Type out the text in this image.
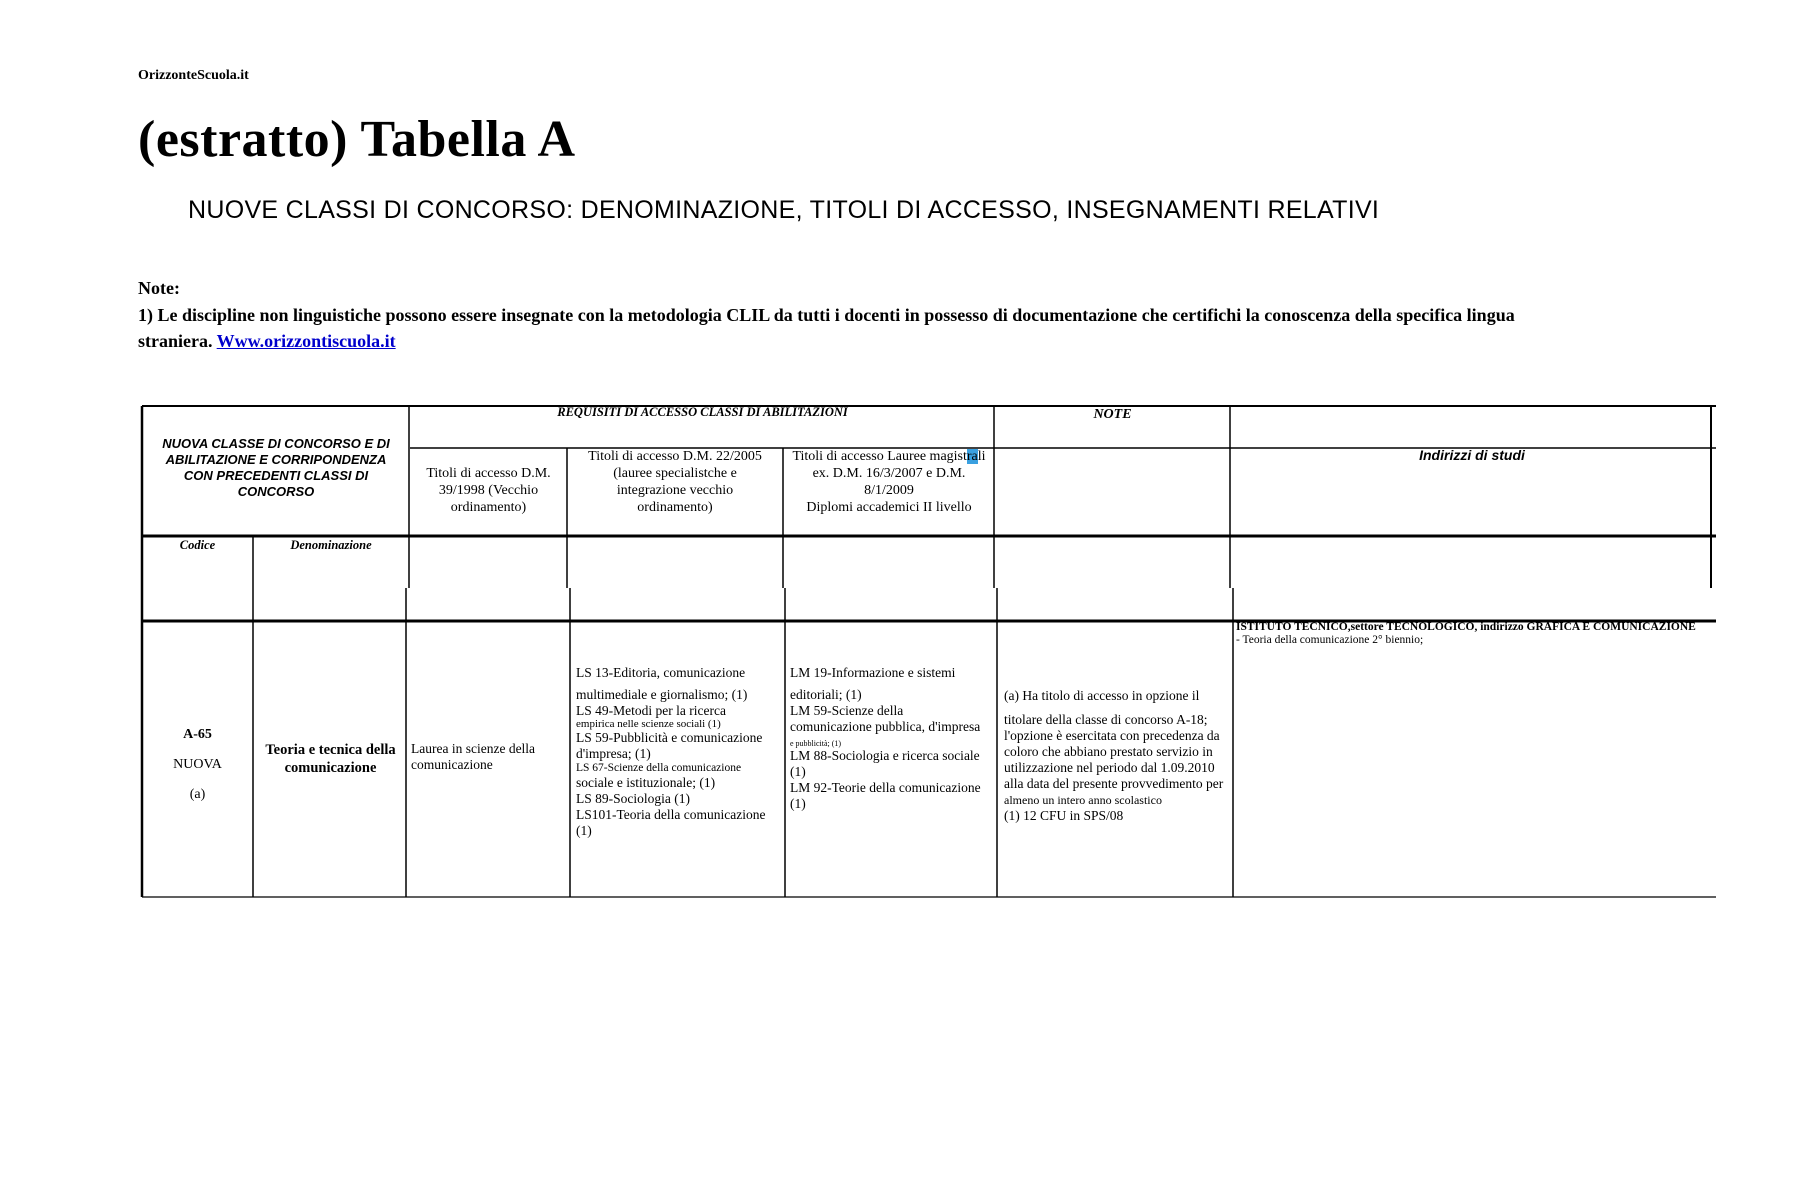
OrizzonteScuola.it
(estratto) Tabella A
NUOVE CLASSI DI CONCORSO: DENOMINAZIONE, TITOLI DI ACCESSO, INSEGNAMENTI RELATIVI
Note:
1) Le discipline non linguistiche possono essere insegnate con la metodologia CLIL da tutti i docenti in possesso di documentazione che certifichi la conoscenza della specifica lingua straniera. Www.orizzontiscuola.it
NUOVA CLASSE DI CONCORSO E DI ABILITAZIONE E CORRIPONDENZA CON PRECEDENTI CLASSI DI CONCORSO
REQUISITI DI ACCESSO CLASSI DI ABILITAZIONI	NOTE
Indirizzi di studi
Titoli di accesso D.M. 39/1998 (Vecchio ordinamento)
Titoli di accesso D.M. 22/2005 (lauree specialistche e integrazione vecchio ordinamento)
Titoli di accesso Lauree magistrali
ex. D.M. 16/3/2007 e D.M. 8/1/2009
Diplomi accademici II livello
Codice	Denominazione
A-65
NUOVA
(a)
Teoria e tecnica della comunicazione
Laurea in scienze della comunicazione
LS 13-Editoria, comunicazione
multimediale e giornalismo; (1)
LS 49-Metodi per la ricerca
empirica nelle scienze sociali (1)
LS 59-Pubblicità e comunicazione
d'impresa; (1)
LS 67-Scienze della comunicazione
sociale e istituzionale; (1)
LS 89-Sociologia (1)
LS101-Teoria della comunicazione
(1)
LM 19-Informazione e sistemi
editoriali; (1)
LM 59-Scienze della
comunicazione pubblica, d'impresa
e pubblicità; (1)
LM 88-Sociologia e ricerca sociale
(1)
LM 92-Teorie della comunicazione
(1)
(a) Ha titolo di accesso in opzione il
titolare della classe di concorso A-18;
l'opzione è esercitata con precedenza da
coloro che abbiano prestato servizio in
utilizzazione nel periodo dal 1.09.2010
alla data del presente provvedimento per
almeno un intero anno scolastico
(1) 12 CFU in SPS/08
ISTITUTO TECNICO,settore TECNOLOGICO, indirizzo GRAFICA E COMUNICAZIONE
- Teoria della comunicazione 2° biennio;
